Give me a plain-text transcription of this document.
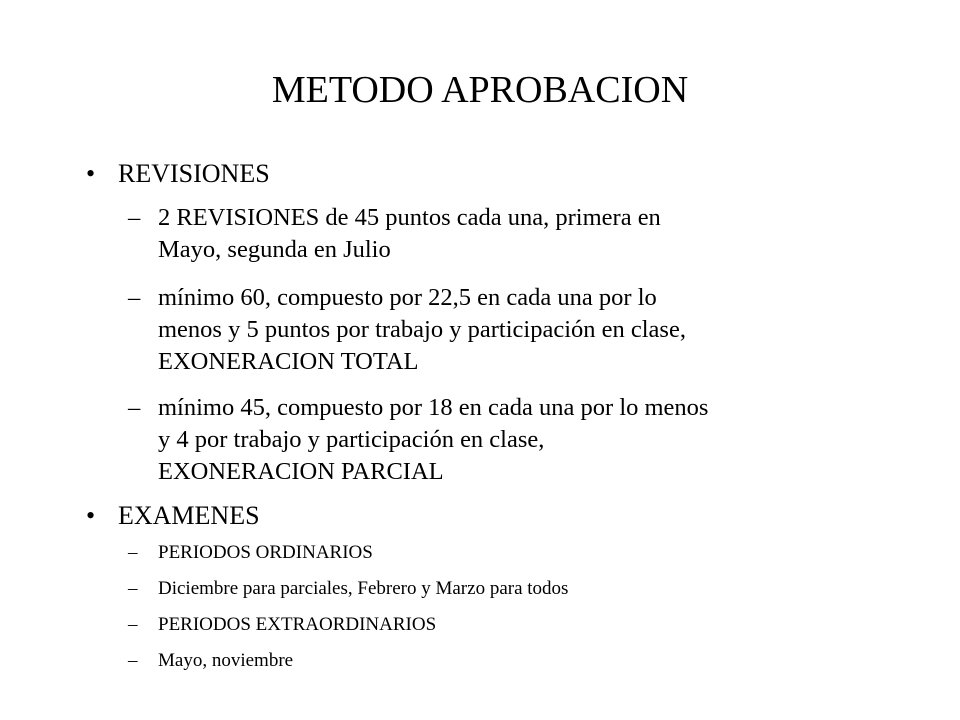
METODO APROBACION
• REVISIONES
– 2 REVISIONES de 45 puntos cada una, primera en
Mayo, segunda en Julio
– mínimo 60, compuesto por 22,5 en cada una por lo
menos y 5 puntos por trabajo y participación en clase,
EXONERACION TOTAL
– mínimo 45, compuesto por 18 en cada una por lo menos
y 4 por trabajo y participación en clase,
EXONERACION PARCIAL
• EXAMENES
– PERIODOS ORDINARIOS
– Diciembre para parciales, Febrero y Marzo para todos
– PERIODOS EXTRAORDINARIOS
– Mayo, noviembre
